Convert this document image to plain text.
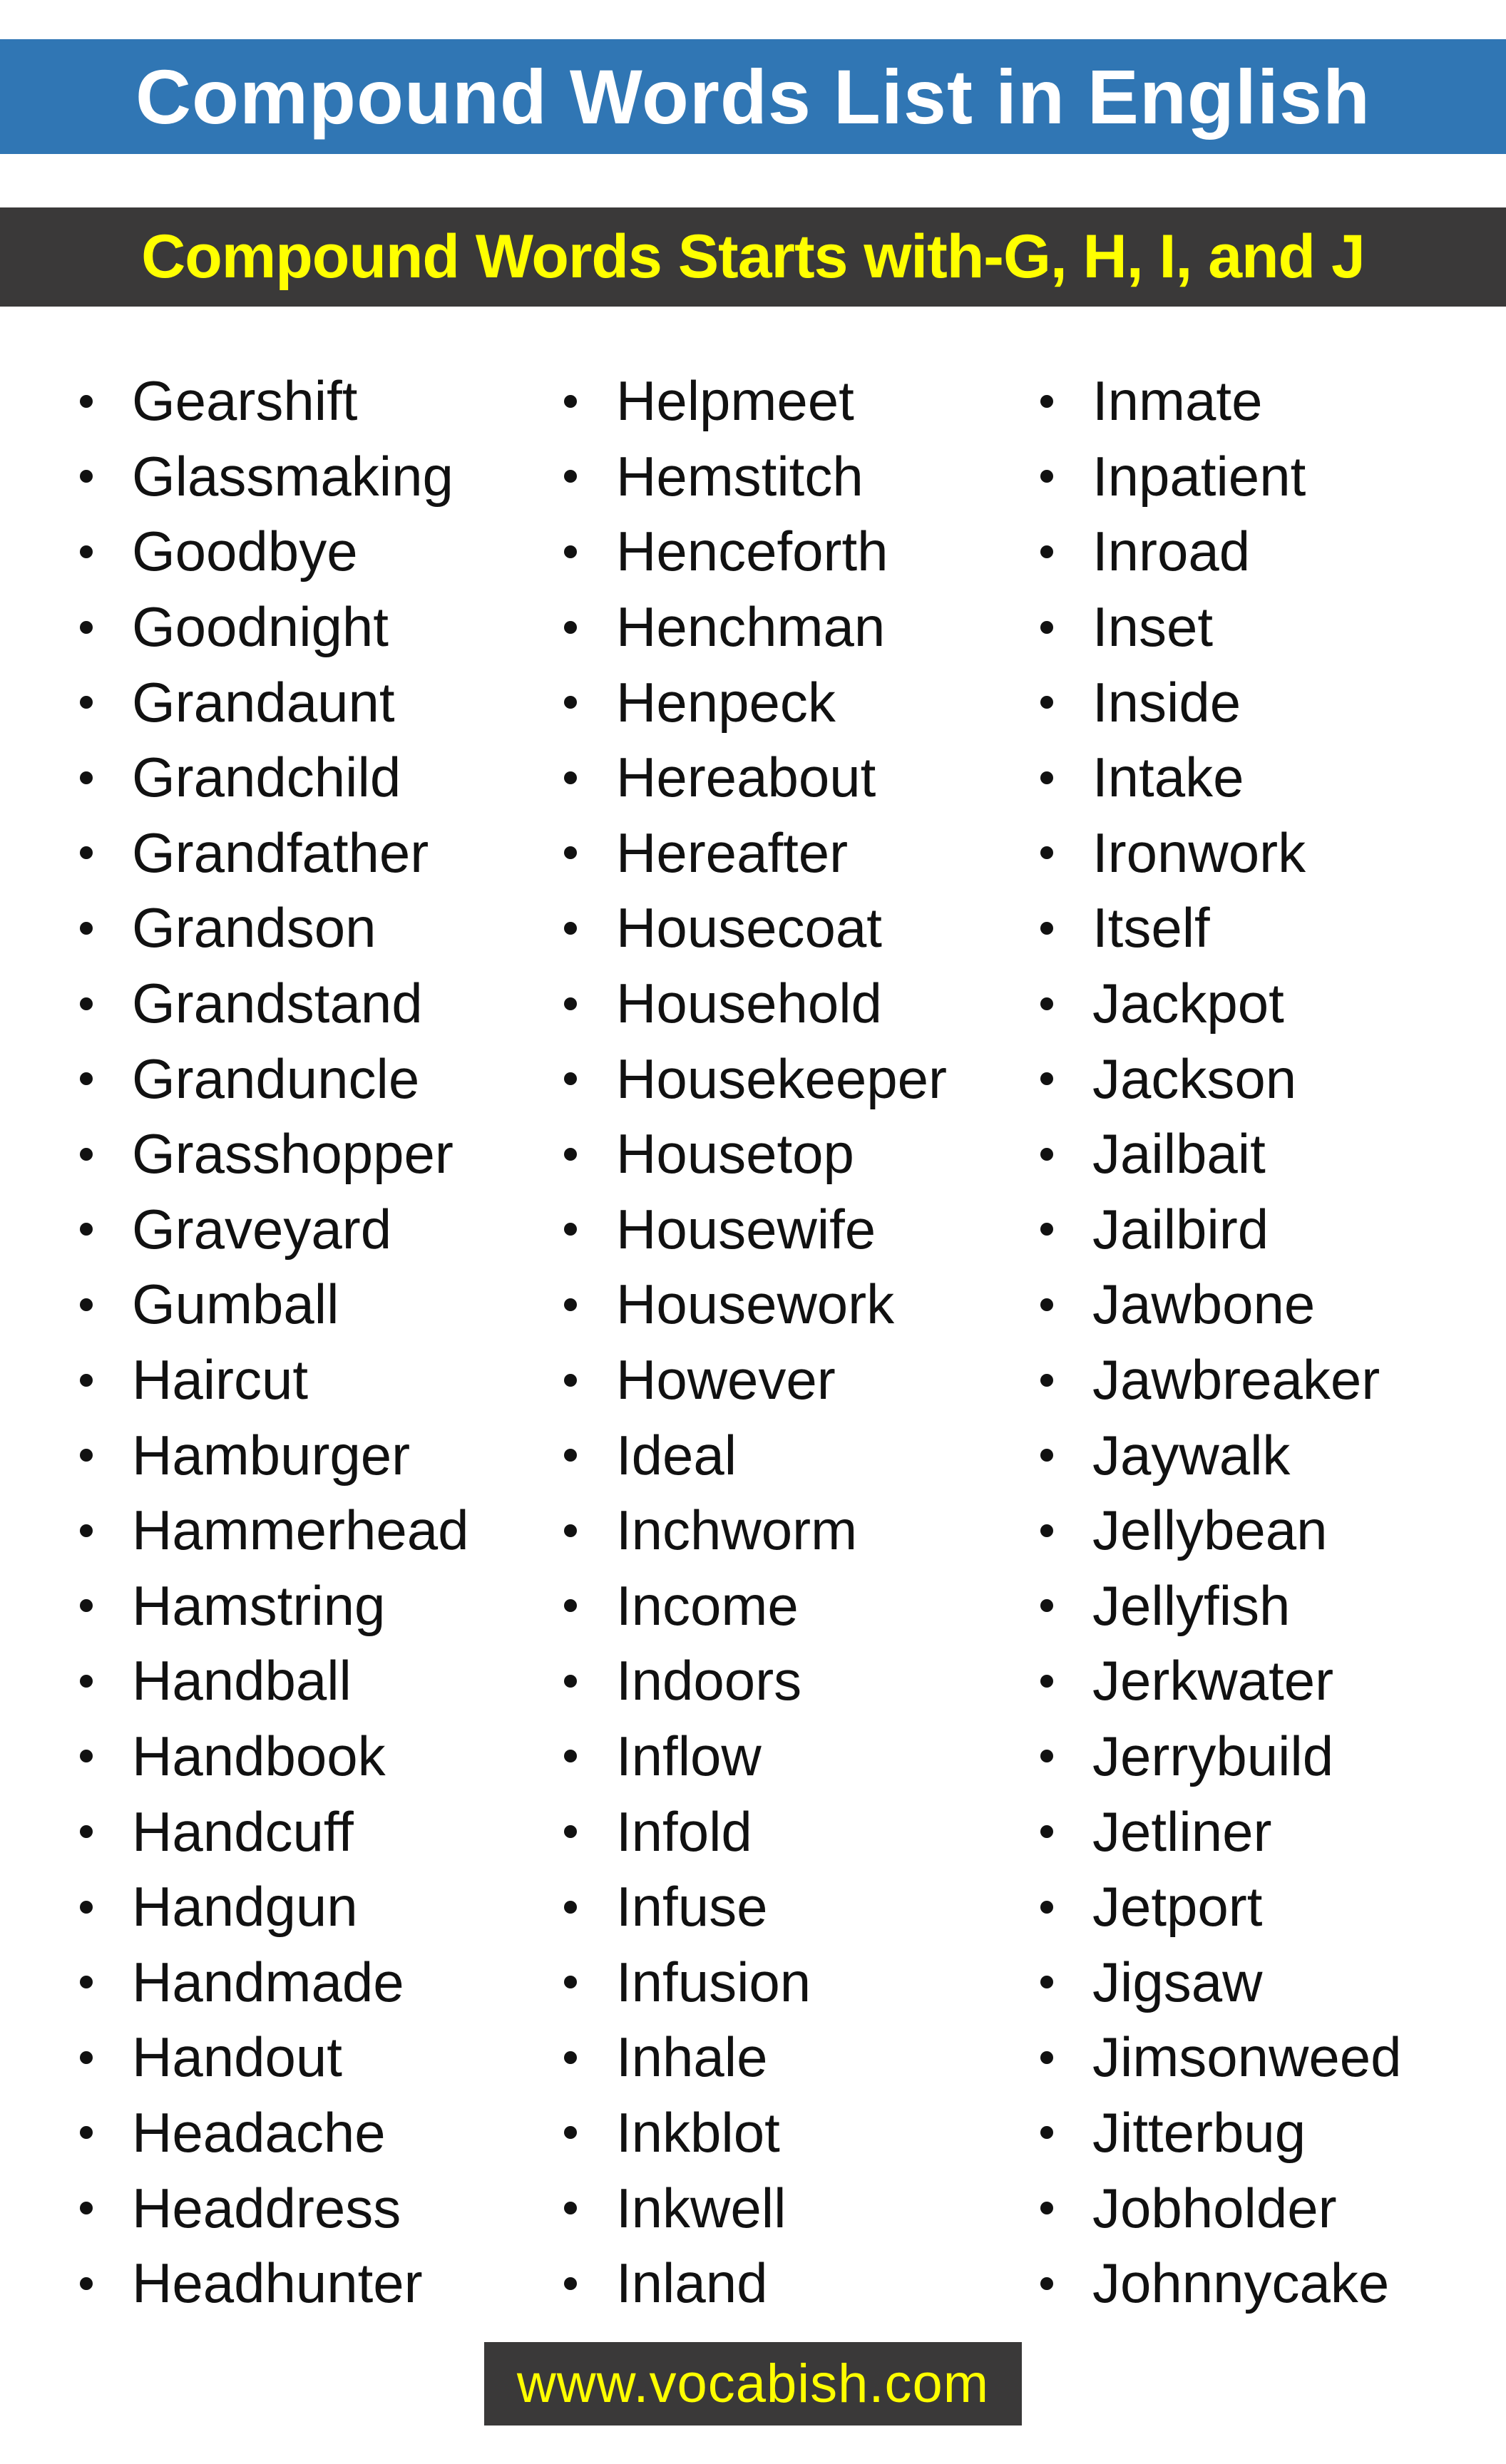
Compound Words List in English
Compound Words Starts with-G, H, I, and J
Gearshift
Glassmaking
Goodbye
Goodnight
Grandaunt
Grandchild
Grandfather
Grandson
Grandstand
Granduncle
Grasshopper
Graveyard
Gumball
Haircut
Hamburger
Hammerhead
Hamstring
Handball
Handbook
Handcuff
Handgun
Handmade
Handout
Headache
Headdress
Headhunter
Helpmeet
Hemstitch
Henceforth
Henchman
Henpeck
Hereabout
Hereafter
Housecoat
Household
Housekeeper
Housetop
Housewife
Housework
However
Ideal
Inchworm
Income
Indoors
Inflow
Infold
Infuse
Infusion
Inhale
Inkblot
Inkwell
Inland
Inmate
Inpatient
Inroad
Inset
Inside
Intake
Ironwork
Itself
Jackpot
Jackson
Jailbait
Jailbird
Jawbone
Jawbreaker
Jaywalk
Jellybean
Jellyfish
Jerkwater
Jerrybuild
Jetliner
Jetport
Jigsaw
Jimsonweed
Jitterbug
Jobholder
Johnnycake
www.vocabish.com
